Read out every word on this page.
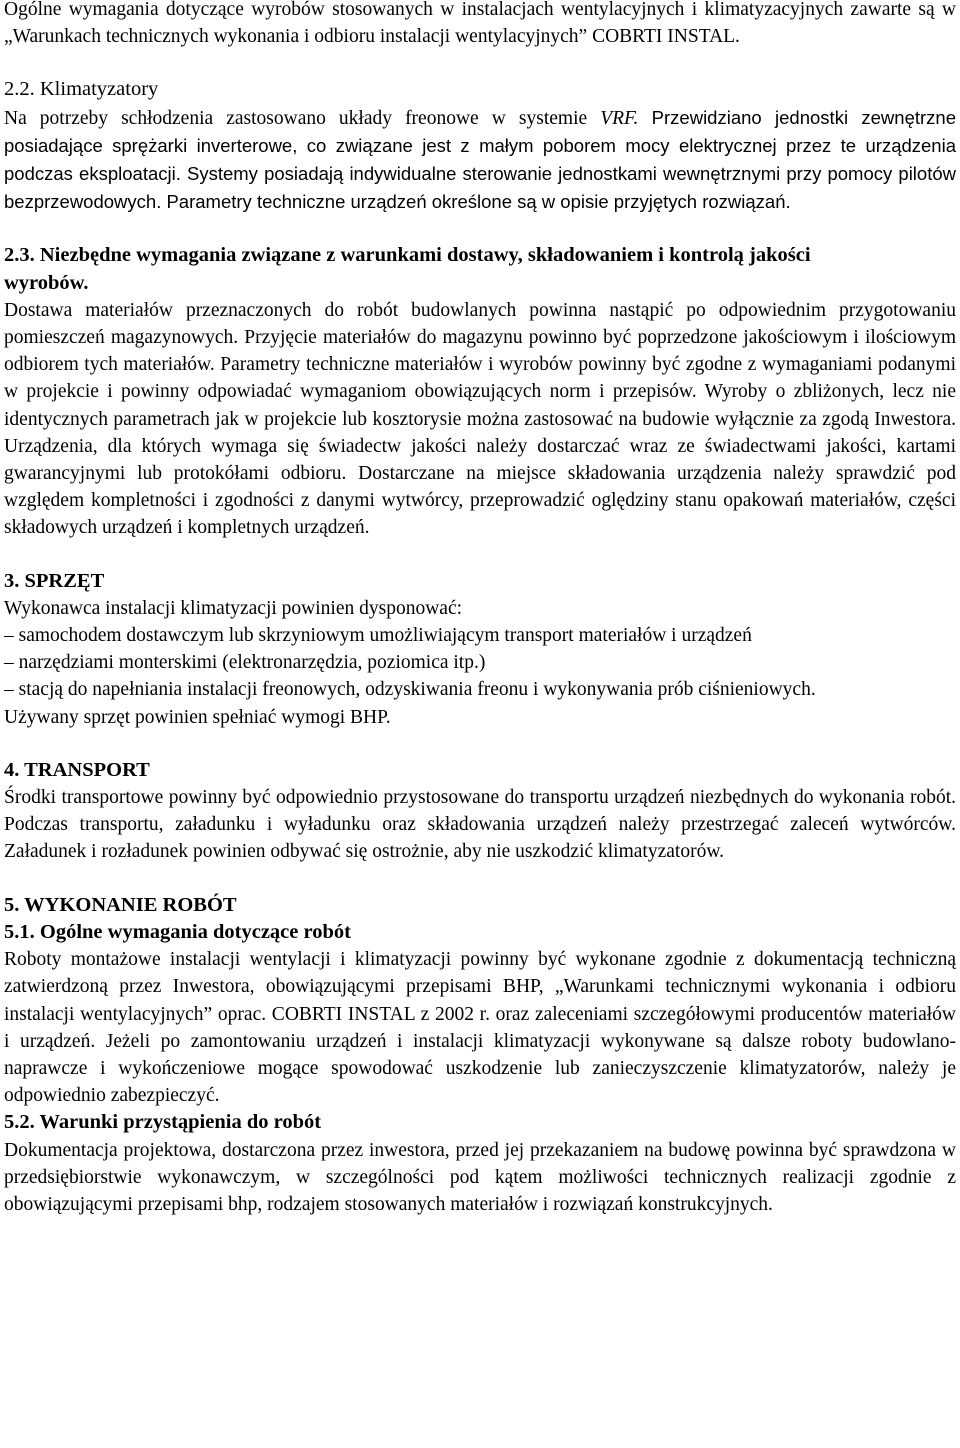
Ogólne wymagania dotyczące wyrobów stosowanych w instalacjach wentylacyjnych i klimatyzacyjnych zawarte są w „Warunkach technicznych wykonania i odbioru instalacji wentylacyjnych” COBRTI INSTAL.

2.2. Klimatyzatory

Na potrzeby schłodzenia zastosowano układy freonowe w systemie VRF. Przewidziano jednostki zewnętrzne posiadające sprężarki inverterowe, co związane jest z małym poborem mocy elektrycznej przez te urządzenia podczas eksploatacji. Systemy posiadają indywidualne sterowanie jednostkami wewnętrznymi przy pomocy pilotów bezprzewodowych. Parametry techniczne urządzeń określone są w opisie przyjętych rozwiązań.

2.3. Niezbędne wymagania związane z warunkami dostawy, składowaniem i kontrolą jakości wyrobów.

Dostawa materiałów przeznaczonych do robót budowlanych powinna nastąpić po odpowiednim przygotowaniu pomieszczeń magazynowych. Przyjęcie materiałów do magazynu powinno być poprzedzone jakościowym i ilościowym odbiorem tych materiałów. Parametry techniczne materiałów i wyrobów powinny być zgodne z wymaganiami podanymi w projekcie i powinny odpowiadać wymaganiom obowiązujących norm i przepisów. Wyroby o zbliżonych, lecz nie identycznych parametrach jak w projekcie lub kosztorysie można zastosować na budowie wyłącznie za zgodą Inwestora. Urządzenia, dla których wymaga się świadectw jakości należy dostarczać wraz ze świadectwami jakości, kartami gwarancyjnymi lub protokółami odbioru. Dostarczane na miejsce składowania urządzenia należy sprawdzić pod względem kompletności i zgodności z danymi wytwórcy, przeprowadzić oględziny stanu opakowań materiałów, części składowych urządzeń i kompletnych urządzeń.

3. SPRZĘT

Wykonawca instalacji klimatyzacji powinien dysponować:

– samochodem dostawczym lub skrzyniowym umożliwiającym transport materiałów i urządzeń

– narzędziami monterskimi (elektronarzędzia, poziomica itp.)

– stacją do napełniania instalacji freonowych, odzyskiwania freonu i wykonywania prób ciśnieniowych.

Używany sprzęt powinien spełniać wymogi BHP.

4. TRANSPORT

Środki transportowe powinny być odpowiednio przystosowane do transportu urządzeń niezbędnych do wykonania robót. Podczas transportu, załadunku i wyładunku oraz składowania urządzeń należy przestrzegać zaleceń wytwórców. Załadunek i rozładunek powinien odbywać się ostrożnie, aby nie uszkodzić klimatyzatorów.

5. WYKONANIE ROBÓT

5.1. Ogólne wymagania dotyczące robót

Roboty montażowe instalacji wentylacji i klimatyzacji powinny być wykonane zgodnie z dokumentacją techniczną zatwierdzoną przez Inwestora, obowiązującymi przepisami BHP, „Warunkami technicznymi wykonania i odbioru instalacji wentylacyjnych” oprac. COBRTI INSTAL z 2002 r. oraz zaleceniami szczegółowymi producentów materiałów i urządzeń. Jeżeli po zamontowaniu urządzeń i instalacji klimatyzacji wykonywane są dalsze roboty budowlano-naprawcze i wykończeniowe mogące spowodować uszkodzenie lub zanieczyszczenie klimatyzatorów, należy je odpowiednio zabezpieczyć.

5.2. Warunki przystąpienia do robót

Dokumentacja projektowa, dostarczona przez inwestora, przed jej przekazaniem na budowę powinna być sprawdzona w przedsiębiorstwie wykonawczym, w szczególności pod kątem możliwości technicznych realizacji zgodnie z obowiązującymi przepisami bhp, rodzajem stosowanych materiałów i rozwiązań konstrukcyjnych.
